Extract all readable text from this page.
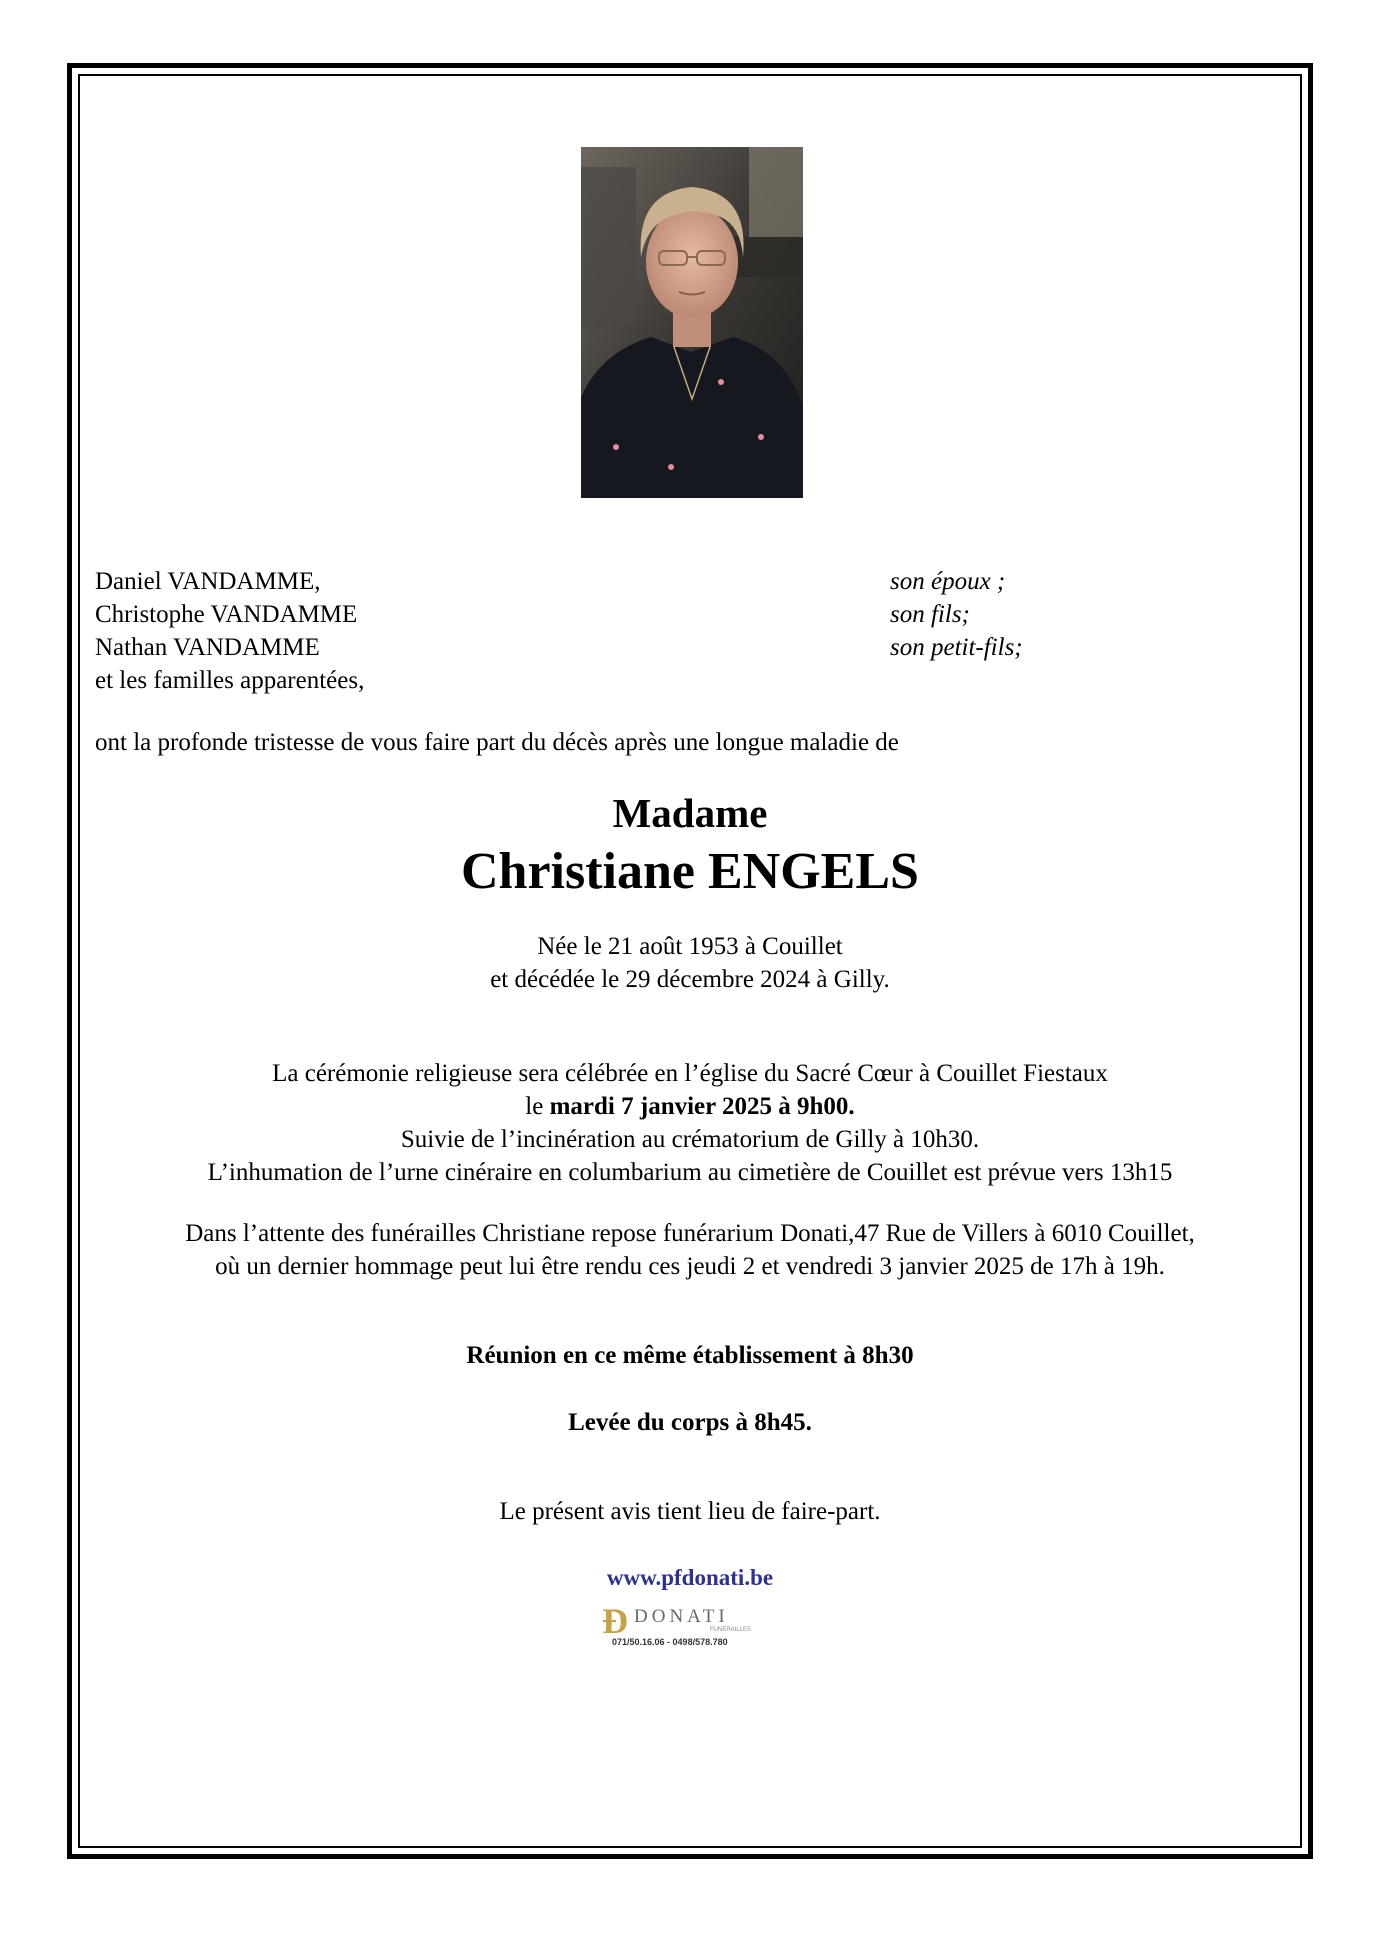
Daniel VANDAMME,
Christophe VANDAMME
Nathan VANDAMME
et les familles apparentées,
son époux ;
son fils;
son petit-fils;
ont la profonde tristesse de vous faire part du décès après une longue maladie de
Madame
Christiane ENGELS
Née le 21 août 1953 à Couillet
et décédée le 29 décembre 2024 à Gilly.
La cérémonie religieuse sera célébrée en l’église du Sacré Cœur à Couillet Fiestaux
le mardi 7 janvier 2025 à 9h00.
Suivie de l’incinération au crématorium de Gilly à 10h30.
L’inhumation de l’urne cinéraire en columbarium au cimetière de Couillet est prévue vers 13h15
Dans l’attente des funérailles Christiane repose funérarium Donati,47 Rue de Villers à 6010 Couillet,
où un dernier hommage peut lui être rendu ces jeudi 2 et vendredi 3 janvier 2025 de 17h à 19h.
Réunion en ce même établissement à 8h30
Levée du corps à 8h45.
Le présent avis tient lieu de faire-part.
www.pfdonati.be
Ð DONATI
FUNÉRAILLES
071/50.16.06 - 0498/578.780
